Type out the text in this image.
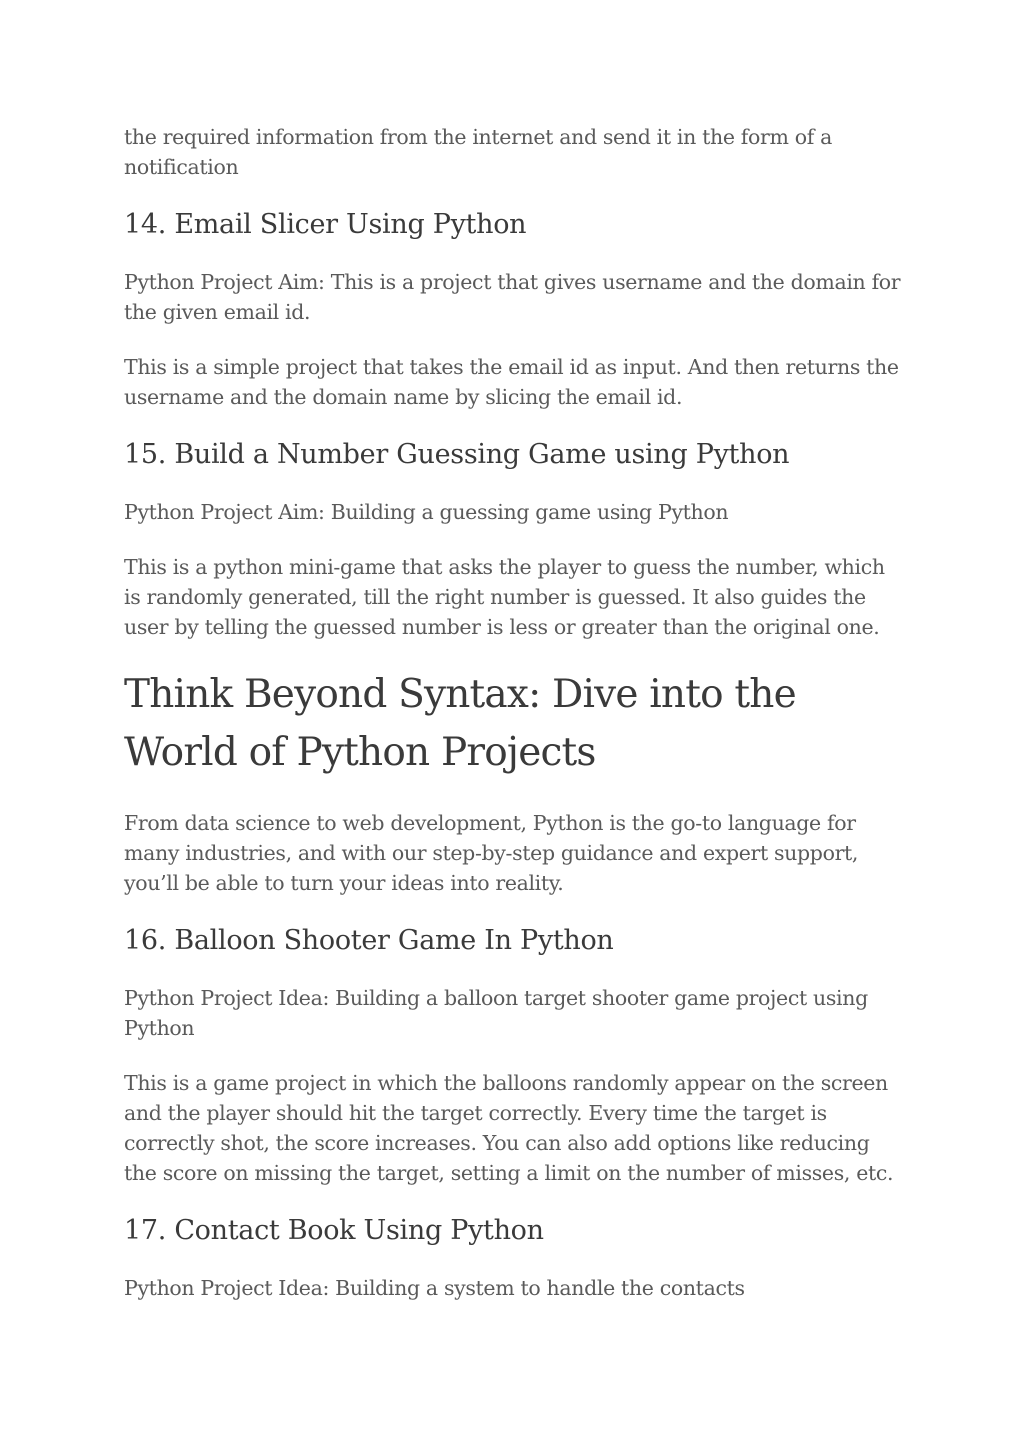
the required information from the internet and send it in the form of a notification

14. Email Slicer Using Python

Python Project Aim: This is a project that gives username and the domain for the given email id.

This is a simple project that takes the email id as input. And then returns the username and the domain name by slicing the email id.

15. Build a Number Guessing Game using Python

Python Project Aim: Building a guessing game using Python

This is a python mini-game that asks the player to guess the number, which is randomly generated, till the right number is guessed. It also guides the user by telling the guessed number is less or greater than the original one.

Think Beyond Syntax: Dive into the World of Python Projects

From data science to web development, Python is the go-to language for many industries, and with our step-by-step guidance and expert support, you’ll be able to turn your ideas into reality.

16. Balloon Shooter Game In Python

Python Project Idea: Building a balloon target shooter game project using Python

This is a game project in which the balloons randomly appear on the screen and the player should hit the target correctly. Every time the target is correctly shot, the score increases. You can also add options like reducing the score on missing the target, setting a limit on the number of misses, etc.

17. Contact Book Using Python

Python Project Idea: Building a system to handle the contacts
